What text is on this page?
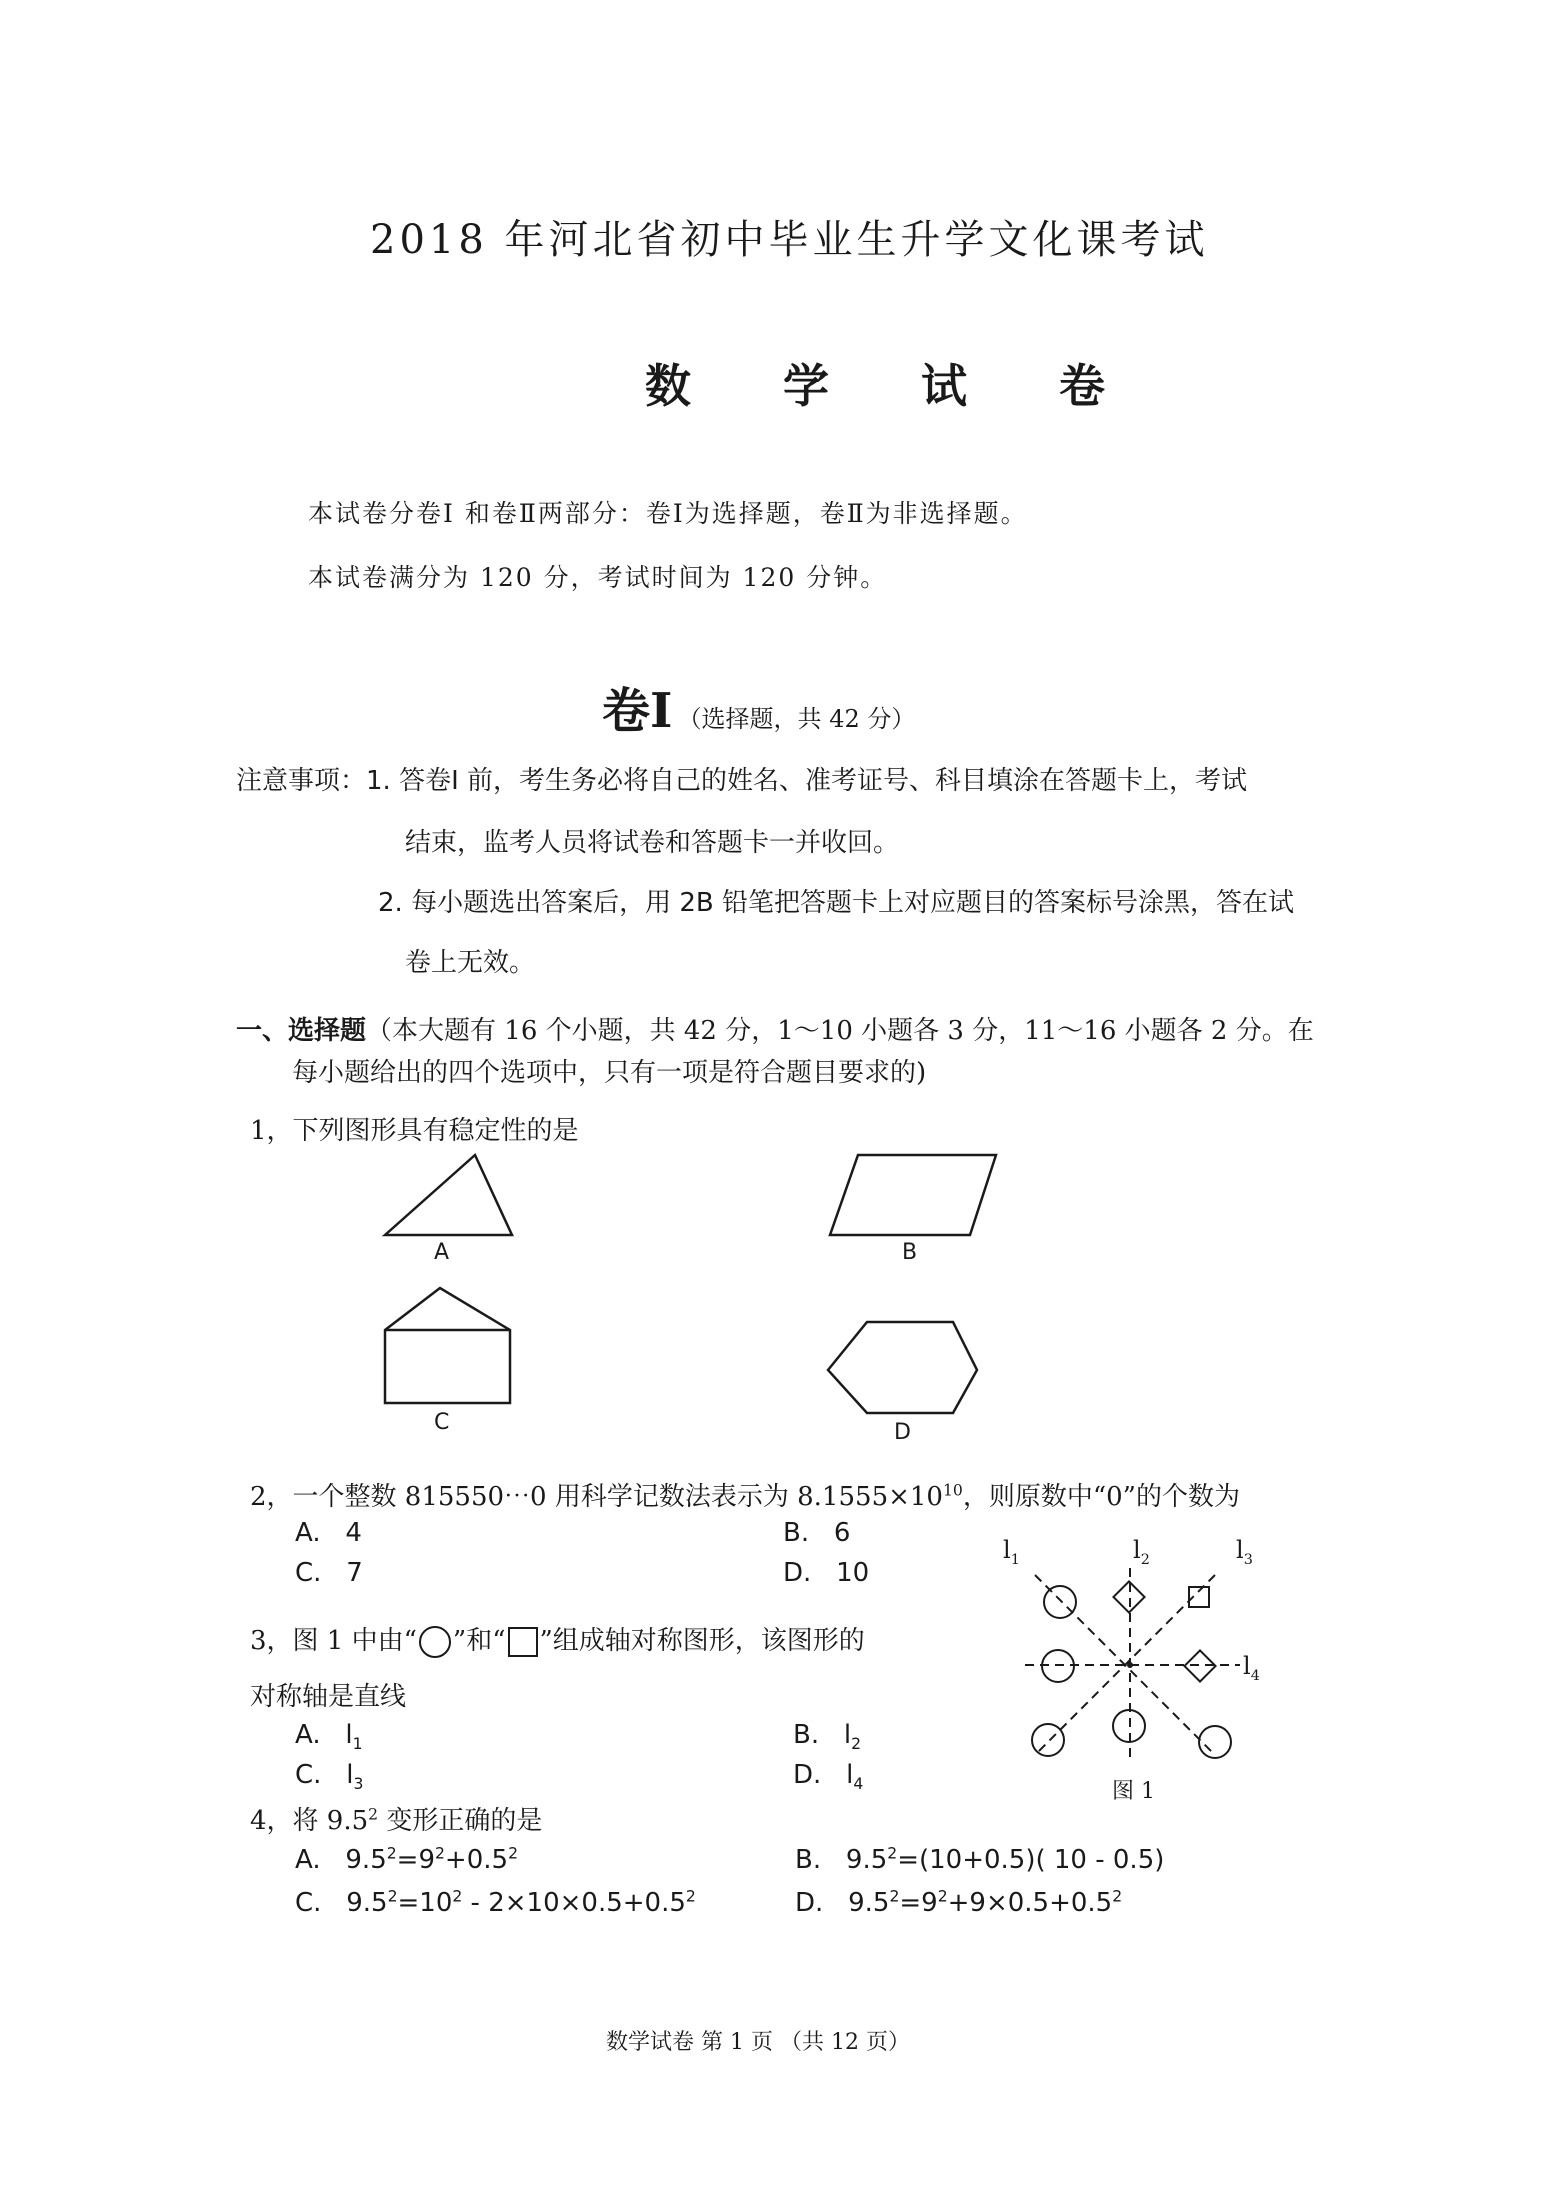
2018 年河北省初中毕业生升学文化课考试
数 学 试 卷
本试卷分卷Ⅰ 和卷Ⅱ两部分：卷Ⅰ为选择题，卷Ⅱ为非选择题。
本试卷满分为 120 分，考试时间为 120 分钟。
卷Ⅰ （选择题，共 42 分）
注意事项：1. 答卷Ⅰ 前，考生务必将自己的姓名、准考证号、科目填涂在答题卡上，考试
结束，监考人员将试卷和答题卡一并收回。
2. 每小题选出答案后，用 2B 铅笔把答题卡上对应题目的答案标号涂黑，答在试
卷上无效。
一、选择题（本大题有 16 个小题，共 42 分，1～10 小题各 3 分，11～16 小题各 2 分。在
每小题给出的四个选项中，只有一项是符合题目要求的)
1，下列图形具有稳定性的是
A	B
C	D
2，一个整数 815550⋯0 用科学记数法表示为 $8.1555\times 10^{10}$，则原数中“0”的个数为
A. 4	B. 6
C. 7	D. 10
3，图 1 中由“ ”和“ ”组成轴对称图形，该图形的
对称轴是直线
A. $l_1$	B. $l_2$
C. $l_3$	D. $l_4$
$l_1$	$l_2$	$l_3$
$l_4$
图 1
4，将 $9.5^2$ 变形正确的是
A. $9.5^2=9^2+0.5^2$	B. $9.5^2=(10+0.5)$( 10 - 0.5)
C. $9.5^2=10^2 - 2\times 10\times 0.5+0.5^2$	D. $9.5^2=9^2+9\times 0.5+0.5^2$
数学试卷 第 1 页 （共 12 页）
